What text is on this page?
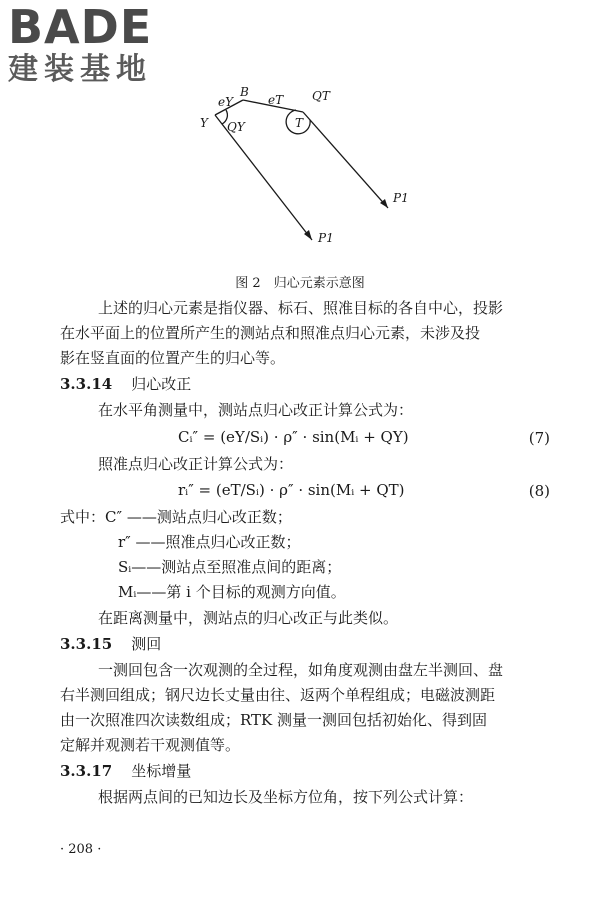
BADE
建装基地
eY
B
eT QT
Y QY	T
P1
P1
图 2　归心元素示意图
上述的归心元素是指仪器、标石、照准目标的各自中心，投影
在水平面上的位置所产生的测站点和照准点归心元素，未涉及投
影在竖直面的位置产生的归心等。
3.3.14 归心改正
在水平角测量中，测站点归心改正计算公式为：
Cᵢ″ = (eY/Sᵢ) · ρ″ · sin(Mᵢ + QY)	(7)
照准点归心改正计算公式为：
rᵢ″ = (eT/Sᵢ) · ρ″ · sin(Mᵢ + QT)	(8)
式中：C″ ——测站点归心改正数；
r″ ——照准点归心改正数；
Sᵢ——测站点至照准点间的距离；
Mᵢ——第 i 个目标的观测方向值。
在距离测量中，测站点的归心改正与此类似。
3.3.15 测回
一测回包含一次观测的全过程，如角度观测由盘左半测回、盘
右半测回组成；钢尺边长丈量由往、返两个单程组成；电磁波测距
由一次照准四次读数组成；RTK 测量一测回包括初始化、得到固
定解并观测若干观测值等。
3.3.17 坐标增量
根据两点间的已知边长及坐标方位角，按下列公式计算：
· 208 ·
